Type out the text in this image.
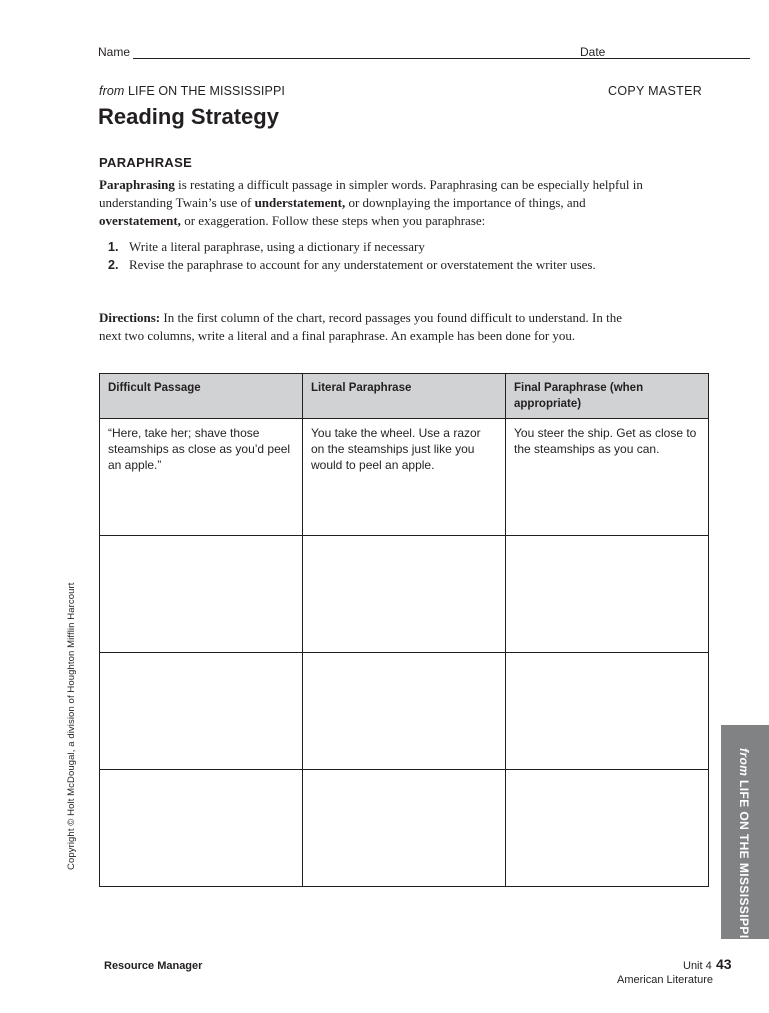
Name	Date
from LIFE ON THE MISSISSIPPI	COPY MASTER
Reading Strategy
PARAPHRASE

Paraphrasing is restating a difficult passage in simpler words. Paraphrasing can be especially helpful in understanding Twain’s use of understatement, or downplaying the importance of things, and overstatement, or exaggeration. Follow these steps when you paraphrase:

1. Write a literal paraphrase, using a dictionary if necessary
2. Revise the paraphrase to account for any understatement or overstatement the writer uses.

Directions: In the first column of the chart, record passages you found difficult to understand. In the next two columns, write a literal and a final paraphrase. An example has been done for you.

Difficult Passage	Literal Paraphrase	Final Paraphrase (when appropriate)
“Here, take her; shave those steamships as close as you’d peel an apple.”	You take the wheel. Use a razor on the steamships just like you would to peel an apple.	You steer the ship. Get as close to the steamships as you can.

Copyright © Holt McDougal, a division of Houghton Mifflin Harcourt	from LIFE ON THE MISSISSIPPI
Resource Manager	Unit 4 43
American Literature
